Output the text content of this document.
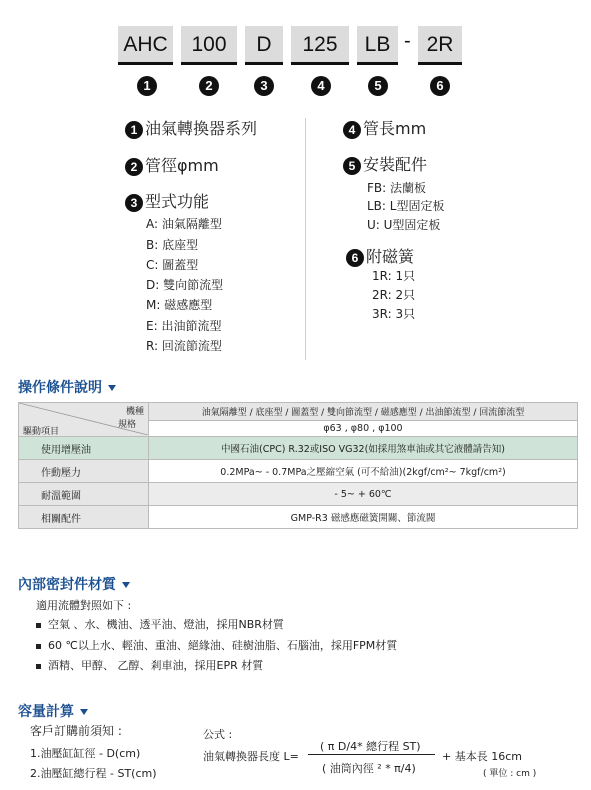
AHC	100	D	125	LB - 2R
1	2	3	4	5	6
1 油氣轉換器系列
2 管徑φmm
3 型式功能
A: 油氣隔離型
B: 底座型
C: 圖蓋型
D: 雙向節流型
M: 磁感應型
E: 出油節流型
R: 回流節流型
4 管長mm
5 安裝配件
FB: 法蘭板
LB: L型固定板
U: U型固定板
6 附磁簧
1R: 1只
2R: 2只
3R: 3只
操作條件說明
機種
規格
驅動項目	油氣隔離型 / 底座型 / 圖蓋型 / 雙向節流型 / 磁感應型 / 出油節流型 / 回流節流型
	φ63 , φ80 , φ100
使用增壓油	中國石油(CPC) R.32或ISO VG32(如採用煞車油或其它液體請告知)
作動壓力	0.2MPa~ - 0.7MPa之壓縮空氣 (可不給油)(2kgf/cm²~ 7kgf/cm²)
耐溫範圍	- 5~ + 60℃
相關配件	GMP-R3 磁感應磁簧開關、節流閥
內部密封件材質
適用流體對照如下 :
空氣 、水、機油、透平油、燈油，採用NBR材質
60 ℃以上水、輕油、重油、絕緣油、硅樹油脂、石腦油，採用FPM材質
酒精、甲醇、 乙醇、剎車油，採用EPR 材質
容量計算
客戶訂購前須知 :
1.油壓缸缸徑 - D(cm)
2.油壓缸總行程 - ST(cm)
公式 :
油氣轉換器長度 L=
( π D/4* 總行程 ST)
( 油筒內徑 ² * π/4)
+ 基本長 16cm
( 單位 : cm )
